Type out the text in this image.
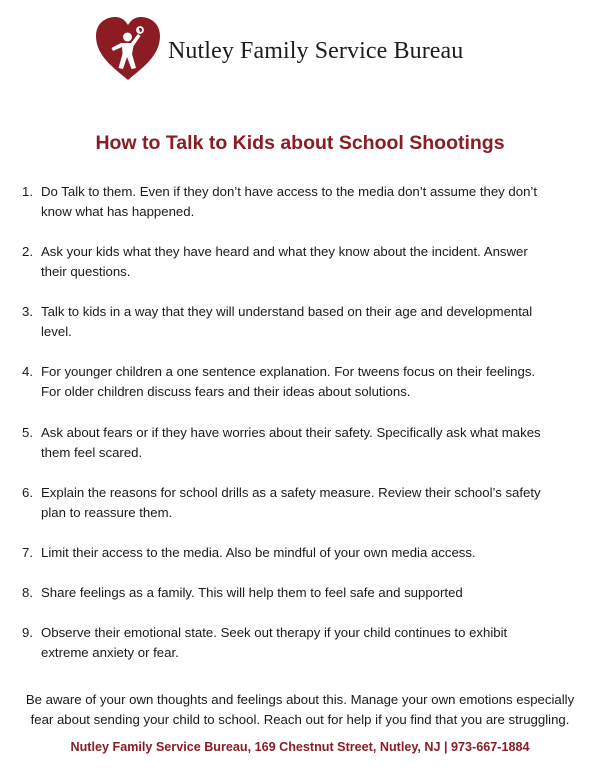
Nutley Family Service Bureau
How to Talk to Kids about School Shootings
1. Do Talk to them. Even if they don’t have access to the media don’t assume they don’t
know what has happened.
2. Ask your kids what they have heard and what they know about the incident. Answer
their questions.
3. Talk to kids in a way that they will understand based on their age and developmental
level.
4. For younger children a one sentence explanation. For tweens focus on their feelings.
For older children discuss fears and their ideas about solutions.
5. Ask about fears or if they have worries about their safety. Specifically ask what makes
them feel scared.
6. Explain the reasons for school drills as a safety measure. Review their school’s safety
plan to reassure them.
7. Limit their access to the media. Also be mindful of your own media access.
8. Share feelings as a family. This will help them to feel safe and supported
9. Observe their emotional state. Seek out therapy if your child continues to exhibit
extreme anxiety or fear.
Be aware of your own thoughts and feelings about this. Manage your own emotions especially
fear about sending your child to school. Reach out for help if you find that you are struggling.
Nutley Family Service Bureau, 169 Chestnut Street, Nutley, NJ | 973-667-1884
